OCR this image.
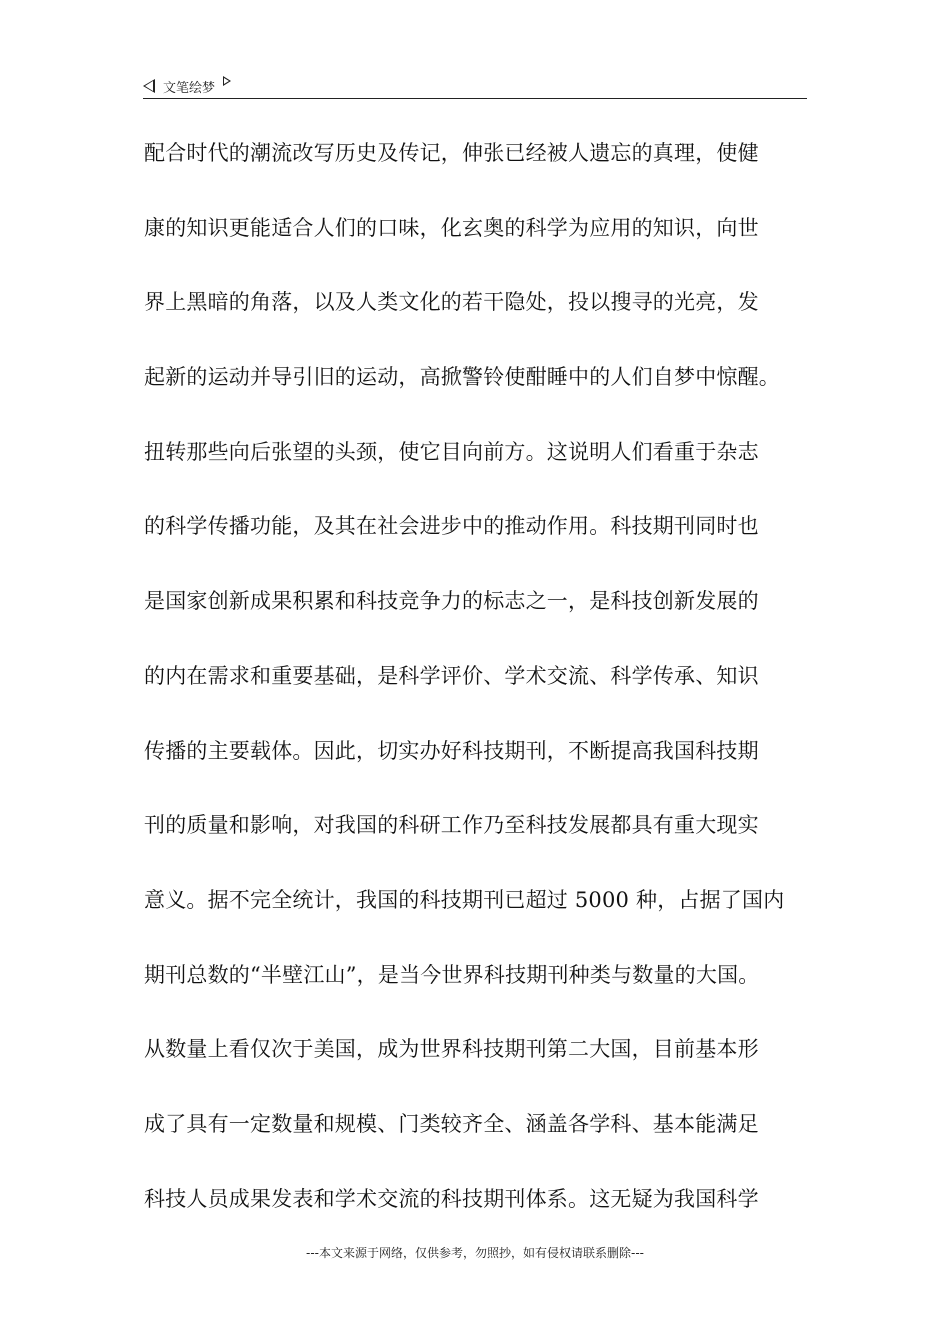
文笔绘梦
配合时代的潮流改写历史及传记，伸张已经被人遗忘的真理，使健
康的知识更能适合人们的口味，化玄奥的科学为应用的知识，向世
界上黑暗的角落，以及人类文化的若干隐处，投以搜寻的光亮，发
起新的运动并导引旧的运动，高掀警铃使酣睡中的人们自梦中惊醒。
扭转那些向后张望的头颈，使它目向前方。这说明人们看重于杂志
的科学传播功能，及其在社会进步中的推动作用。科技期刊同时也
是国家创新成果积累和科技竞争力的标志之一，是科技创新发展的
的内在需求和重要基础，是科学评价、学术交流、科学传承、知识
传播的主要载体。因此，切实办好科技期刊，不断提高我国科技期
刊的质量和影响，对我国的科研工作乃至科技发展都具有重大现实
意义。据不完全统计，我国的科技期刊已超过 5000 种，占据了国内
期刊总数的“半壁江山”，是当今世界科技期刊种类与数量的大国。
从数量上看仅次于美国，成为世界科技期刊第二大国，目前基本形
成了具有一定数量和规模、门类较齐全、涵盖各学科、基本能满足
科技人员成果发表和学术交流的科技期刊体系。这无疑为我国科学
---本文来源于网络，仅供参考，勿照抄，如有侵权请联系删除---
